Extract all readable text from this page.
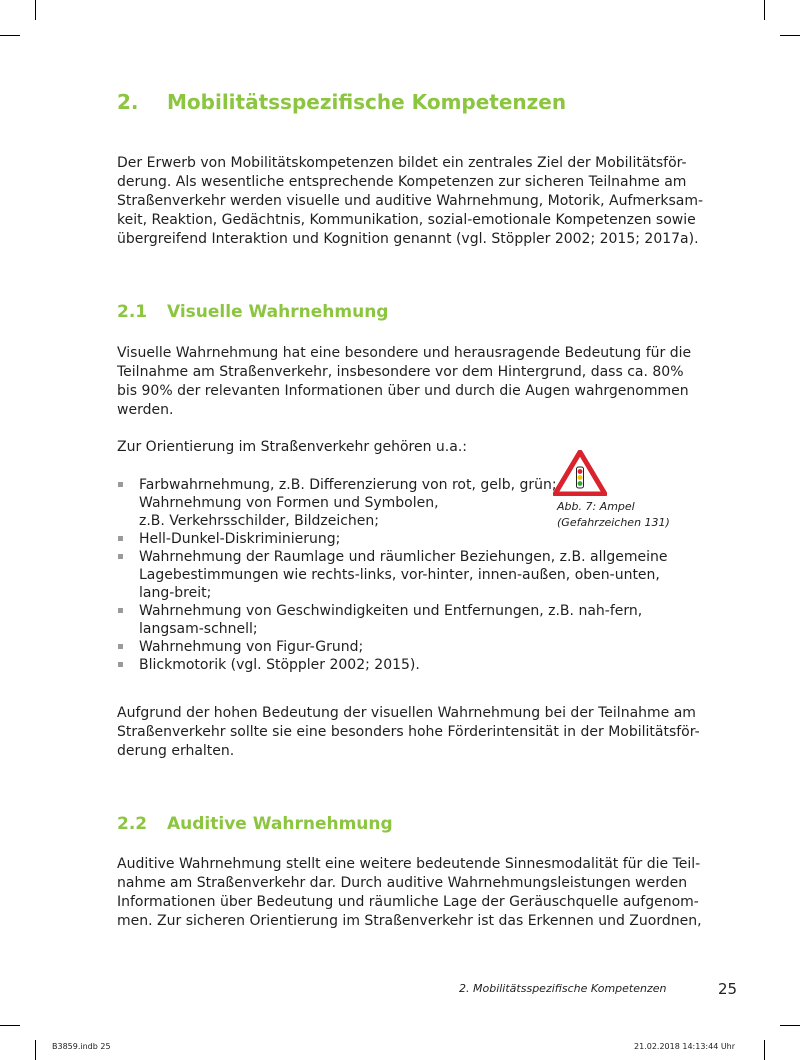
2. Mobilitätsspezifische Kompetenzen

Der Erwerb von Mobilitätskompetenzen bildet ein zentrales Ziel der Mobilitätsför-
derung. Als wesentliche entsprechende Kompetenzen zur sicheren Teilnahme am
Straßenverkehr werden visuelle und auditive Wahrnehmung, Motorik, Aufmerksam-
keit, Reaktion, Gedächtnis, Kommunikation, sozial-emotionale Kompetenzen sowie
übergreifend Interaktion und Kognition genannt (vgl. Stöppler 2002; 2015; 2017a).

2.1 Visuelle Wahrnehmung

Visuelle Wahrnehmung hat eine besondere und herausragende Bedeutung für die
Teilnahme am Straßenverkehr, insbesondere vor dem Hintergrund, dass ca. 80%
bis 90% der relevanten Informationen über und durch die Augen wahrgenommen
werden.

Zur Orientierung im Straßenverkehr gehören u.a.:

Farbwahrnehmung, z.B. Differenzierung von rot, gelb, grün;
Wahrnehmung von Formen und Symbolen,
z.B. Verkehrsschilder, Bildzeichen;
Hell-Dunkel-Diskriminierung;
Wahrnehmung der Raumlage und räumlicher Beziehungen, z.B. allgemeine
Lagebestimmungen wie rechts-links, vor-hinter, innen-außen, oben-unten,
lang-breit;
Wahrnehmung von Geschwindigkeiten und Entfernungen, z.B. nah-fern,
langsam-schnell;
Wahrnehmung von Figur-Grund;
Blickmotorik (vgl. Stöppler 2002; 2015).
Abb. 7: Ampel
(Gefahrzeichen 131)

Aufgrund der hohen Bedeutung der visuellen Wahrnehmung bei der Teilnahme am
Straßenverkehr sollte sie eine besonders hohe Förderintensität in der Mobilitätsför-
derung erhalten.

2.2 Auditive Wahrnehmung

Auditive Wahrnehmung stellt eine weitere bedeutende Sinnesmodalität für die Teil-
nahme am Straßenverkehr dar. Durch auditive Wahrnehmungsleistungen werden
Informationen über Bedeutung und räumliche Lage der Geräuschquelle aufgenom-
men. Zur sicheren Orientierung im Straßenverkehr ist das Erkennen und Zuordnen,

2. Mobilitätsspezifische Kompetenzen	25
B3859.indb 25	21.02.2018 14:13:44 Uhr
